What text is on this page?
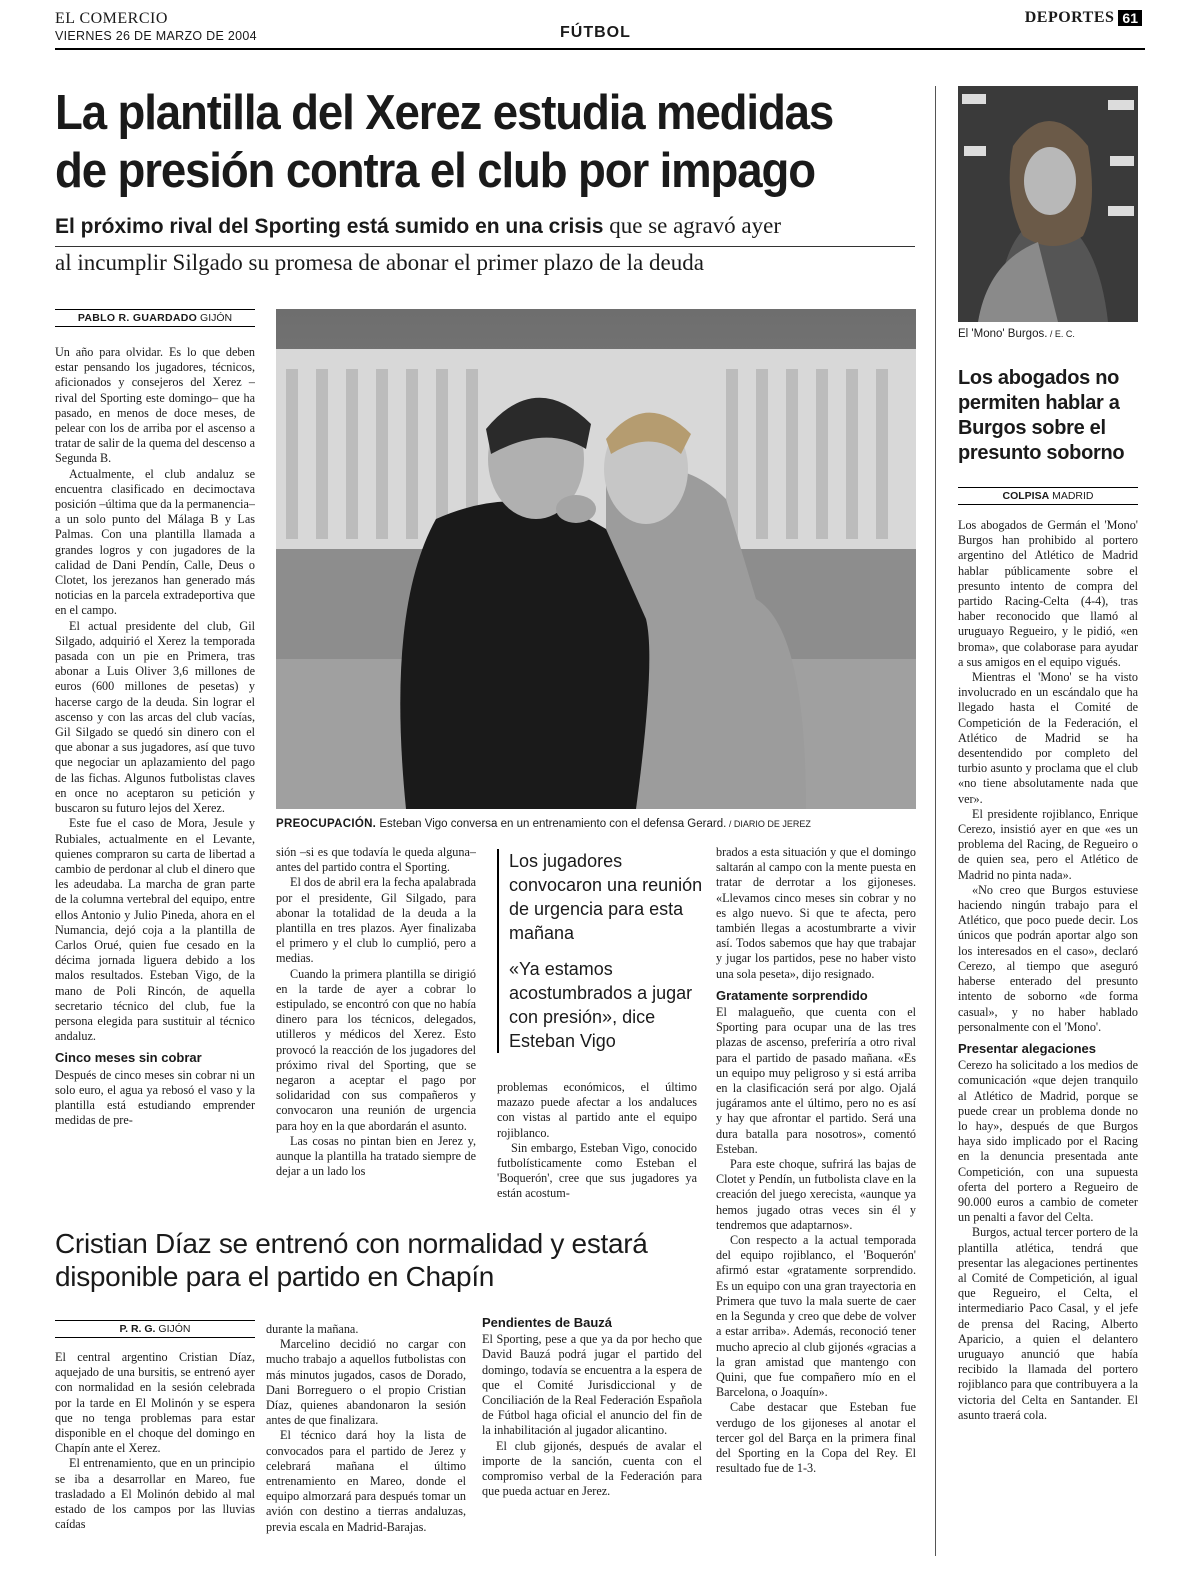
EL COMERCIO
VIERNES 26 DE MARZO DE 2004	FÚTBOL
DEPORTES 61
La plantilla del Xerez estudia medidas de presión contra el club por impago
El próximo rival del Sporting está sumido en una crisis que se agravó ayer
al incumplir Silgado su promesa de abonar el primer plazo de la deuda
PABLO R. GUARDADO GIJÓN

Un año para olvidar. Es lo que deben estar pensando los jugadores, técnicos, aficionados y consejeros del Xerez –rival del Sporting este domingo– que ha pasado, en menos de doce meses, de pelear con los de arriba por el ascenso a tratar de salir de la quema del descenso a Segunda B.

Actualmente, el club andaluz se encuentra clasificado en decimoctava posición –última que da la permanencia– a un solo punto del Málaga B y Las Palmas. Con una plantilla llamada a grandes logros y con jugadores de la calidad de Dani Pendín, Calle, Deus o Clotet, los jerezanos han generado más noticias en la parcela extradeportiva que en el campo.

El actual presidente del club, Gil Silgado, adquirió el Xerez la temporada pasada con un pie en Primera, tras abonar a Luis Oliver 3,6 millones de euros (600 millones de pesetas) y hacerse cargo de la deuda. Sin lograr el ascenso y con las arcas del club vacías, Gil Silgado se quedó sin dinero con el que abonar a sus jugadores, así que tuvo que negociar un aplazamiento del pago de las fichas. Algunos futbolistas claves en once no aceptaron su petición y buscaron su futuro lejos del Xerez.

Este fue el caso de Mora, Jesule y Rubiales, actualmente en el Levante, quienes compraron su carta de libertad a cambio de perdonar al club el dinero que les adeudaba. La marcha de gran parte de la columna vertebral del equipo, entre ellos Antonio y Julio Pineda, ahora en el Numancia, dejó coja a la plantilla de Carlos Orué, quien fue cesado en la décima jornada liguera debido a los malos resultados. Esteban Vigo, de la mano de Poli Rincón, de aquella secretario técnico del club, fue la persona elegida para sustituir al técnico andaluz.

Cinco meses sin cobrar

Después de cinco meses sin cobrar ni un solo euro, el agua ya rebosó el vaso y la plantilla está estudiando emprender medidas de pre-

PREOCUPACIÓN. Esteban Vigo conversa en un entrenamiento con el defensa Gerard. / DIARIO DE JEREZ

sión –si es que todavía le queda alguna– antes del partido contra el Sporting.

El dos de abril era la fecha apalabrada por el presidente, Gil Silgado, para abonar la totalidad de la deuda a la plantilla en tres plazos. Ayer finalizaba el primero y el club lo cumplió, pero a medias.

Cuando la primera plantilla se dirigió en la tarde de ayer a cobrar lo estipulado, se encontró con que no había dinero para los técnicos, delegados, utilleros y médicos del Xerez. Esto provocó la reacción de los jugadores del próximo rival del Sporting, que se negaron a aceptar el pago por solidaridad con sus compañeros y convocaron una reunión de urgencia para hoy en la que abordarán el asunto.

Las cosas no pintan bien en Jerez y, aunque la plantilla ha tratado siempre de dejar a un lado los

Los jugadores convocaron una reunión de urgencia para esta mañana
«Ya estamos acostumbrados a jugar con presión», dice Esteban Vigo

problemas económicos, el último mazazo puede afectar a los andaluces con vistas al partido ante el equipo rojiblanco.

Sin embargo, Esteban Vigo, conocido futbolísticamente como Esteban el 'Boquerón', cree que sus jugadores ya están acostum-

brados a esta situación y que el domingo saltarán al campo con la mente puesta en tratar de derrotar a los gijoneses. «Llevamos cinco meses sin cobrar y no es algo nuevo. Si que te afecta, pero también llegas a acostumbrarte a vivir así. Todos sabemos que hay que trabajar y jugar los partidos, pese no haber visto una sola peseta», dijo resignado.

Gratamente sorprendido

El malagueño, que cuenta con el Sporting para ocupar una de las tres plazas de ascenso, preferiría a otro rival para el partido de pasado mañana. «Es un equipo muy peligroso y si está arriba en la clasificación será por algo. Ojalá jugáramos ante el último, pero no es así y hay que afrontar el partido. Será una dura batalla para nosotros», comentó Esteban.

Para este choque, sufrirá las bajas de Clotet y Pendín, un futbolista clave en la creación del juego xerecista, «aunque ya hemos jugado otras veces sin él y tendremos que adaptarnos».

Con respecto a la actual temporada del equipo rojiblanco, el 'Boquerón' afirmó estar «gratamente sorprendido. Es un equipo con una gran trayectoria en Primera que tuvo la mala suerte de caer en la Segunda y creo que debe de volver a estar arriba». Además, reconoció tener mucho aprecio al club gijonés «gracias a la gran amistad que mantengo con Quini, que fue compañero mío en el Barcelona, o Joaquín».

Cabe destacar que Esteban fue verdugo de los gijoneses al anotar el tercer gol del Barça en la primera final del Sporting en la Copa del Rey. El resultado fue de 1-3.

El 'Mono' Burgos. / E. C.
Los abogados no permiten hablar a Burgos sobre el presunto soborno
COLPISA MADRID

Los abogados de Germán el 'Mono' Burgos han prohibido al portero argentino del Atlético de Madrid hablar públicamente sobre el presunto intento de compra del partido Racing-Celta (4-4), tras haber reconocido que llamó al uruguayo Regueiro, y le pidió, «en broma», que colaborase para ayudar a sus amigos en el equipo vigués.

Mientras el 'Mono' se ha visto involucrado en un escándalo que ha llegado hasta el Comité de Competición de la Federación, el Atlético de Madrid se ha desentendido por completo del turbio asunto y proclama que el club «no tiene absolutamente nada que ver».

El presidente rojiblanco, Enrique Cerezo, insistió ayer en que «es un problema del Racing, de Regueiro o de quien sea, pero el Atlético de Madrid no pinta nada».

«No creo que Burgos estuviese haciendo ningún trabajo para el Atlético, que poco puede decir. Los únicos que podrán aportar algo son los interesados en el caso», declaró Cerezo, al tiempo que aseguró haberse enterado del presunto intento de soborno «de forma casual», y no haber hablado personalmente con el 'Mono'.

Presentar alegaciones

Cerezo ha solicitado a los medios de comunicación «que dejen tranquilo al Atlético de Madrid, porque se puede crear un problema donde no lo hay», después de que Burgos haya sido implicado por el Racing en la denuncia presentada ante Competición, con una supuesta oferta del portero a Regueiro de 90.000 euros a cambio de cometer un penalti a favor del Celta.

Burgos, actual tercer portero de la plantilla atlética, tendrá que presentar las alegaciones pertinentes al Comité de Competición, al igual que Regueiro, el Celta, el intermediario Paco Casal, y el jefe de prensa del Racing, Alberto Aparicio, a quien el delantero uruguayo anunció que había recibido la llamada del portero rojiblanco para que contribuyera a la victoria del Celta en Santander. El asunto traerá cola.

Cristian Díaz se entrenó con normalidad y estará disponible para el partido en Chapín
P. R. G. GIJÓN

El central argentino Cristian Díaz, aquejado de una bursitis, se entrenó ayer con normalidad en la sesión celebrada por la tarde en El Molinón y se espera que no tenga problemas para estar disponible en el choque del domingo en Chapín ante el Xerez.

El entrenamiento, que en un principio se iba a desarrollar en Mareo, fue trasladado a El Molinón debido al mal estado de los campos por las lluvias caídas

durante la mañana.

Marcelino decidió no cargar con mucho trabajo a aquellos futbolistas con más minutos jugados, casos de Dorado, Dani Borreguero o el propio Cristian Díaz, quienes abandonaron la sesión antes de que finalizara.

El técnico dará hoy la lista de convocados para el partido de Jerez y celebrará mañana el último entrenamiento en Mareo, donde el equipo almorzará para después tomar un avión con destino a tierras andaluzas, previa escala en Madrid-Barajas.

Pendientes de Bauzá

El Sporting, pese a que ya da por hecho que David Bauzá podrá jugar el partido del domingo, todavía se encuentra a la espera de que el Comité Jurisdiccional y de Conciliación de la Real Federación Española de Fútbol haga oficial el anuncio del fin de la inhabilitación al jugador alicantino.

El club gijonés, después de avalar el importe de la sanción, cuenta con el compromiso verbal de la Federación para que pueda actuar en Jerez.
